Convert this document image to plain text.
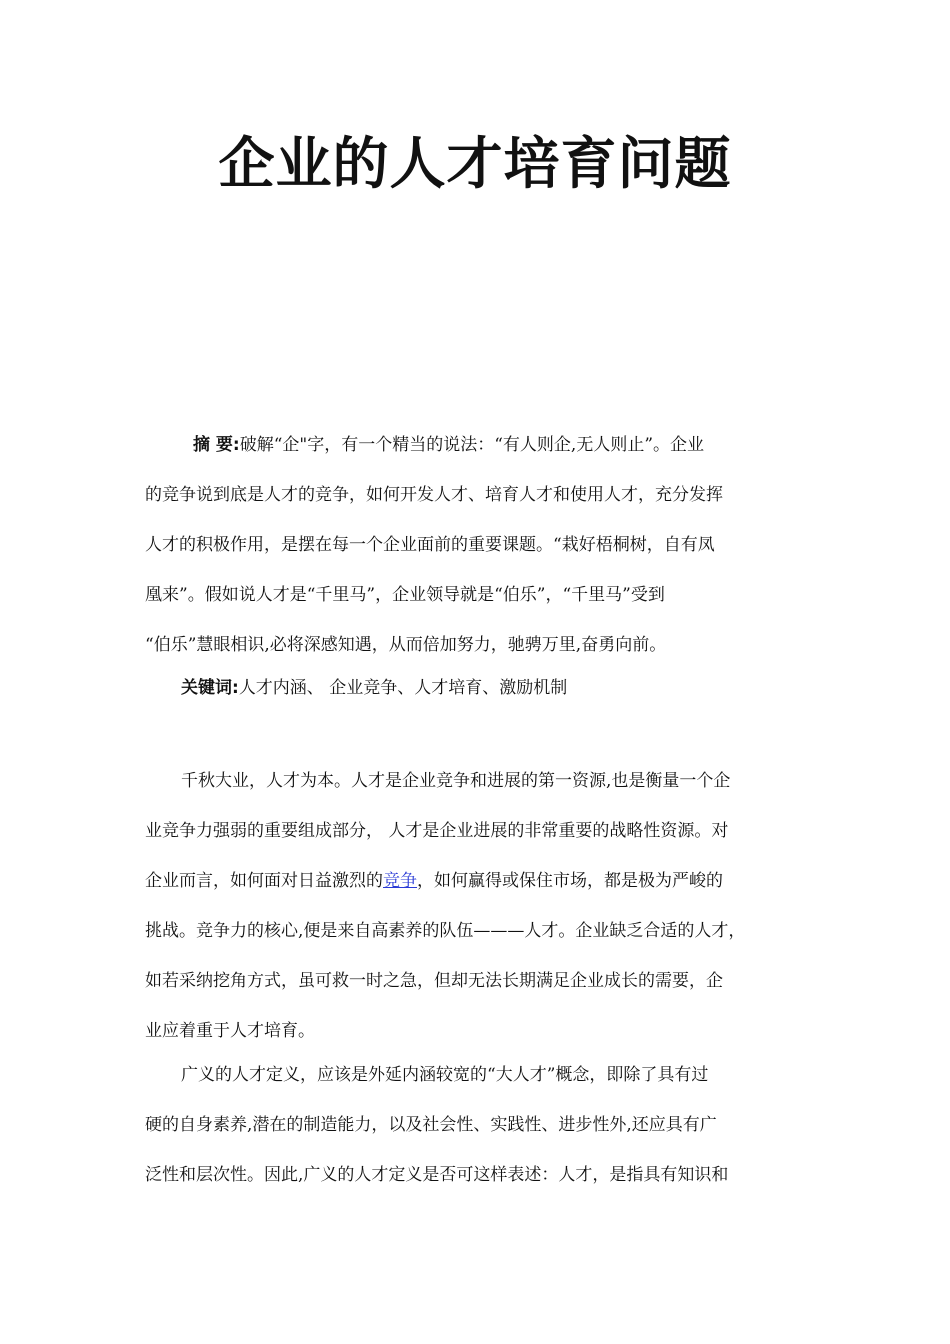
企业的人才培育问题
摘 要:破解“企"字，有一个精当的说法：“有人则企,无人则止”。企业
的竞争说到底是人才的竞争，如何开发人才、培育人才和使用人才，充分发挥
人才的积极作用，是摆在每一个企业面前的重要课题。“栽好梧桐树，自有凤
凰来”。假如说人才是“千里马”，企业领导就是“伯乐”，“千里马”受到
“伯乐”慧眼相识,必将深感知遇，从而倍加努力，驰骋万里,奋勇向前。
关键词:人才内涵、 企业竞争、人才培育、激励机制
千秋大业，人才为本。人才是企业竞争和进展的第一资源,也是衡量一个企
业竞争力强弱的重要组成部分， 人才是企业进展的非常重要的战略性资源。对
企业而言，如何面对日益激烈的竞争，如何赢得或保住市场，都是极为严峻的
挑战。竞争力的核心,便是来自高素养的队伍———人才。企业缺乏合适的人才，
如若采纳挖角方式，虽可救一时之急，但却无法长期满足企业成长的需要，企
业应着重于人才培育。
广义的人才定义，应该是外延内涵较宽的“大人才”概念，即除了具有过
硬的自身素养,潜在的制造能力，以及社会性、实践性、进步性外,还应具有广
泛性和层次性。因此,广义的人才定义是否可这样表述：人才，是指具有知识和
